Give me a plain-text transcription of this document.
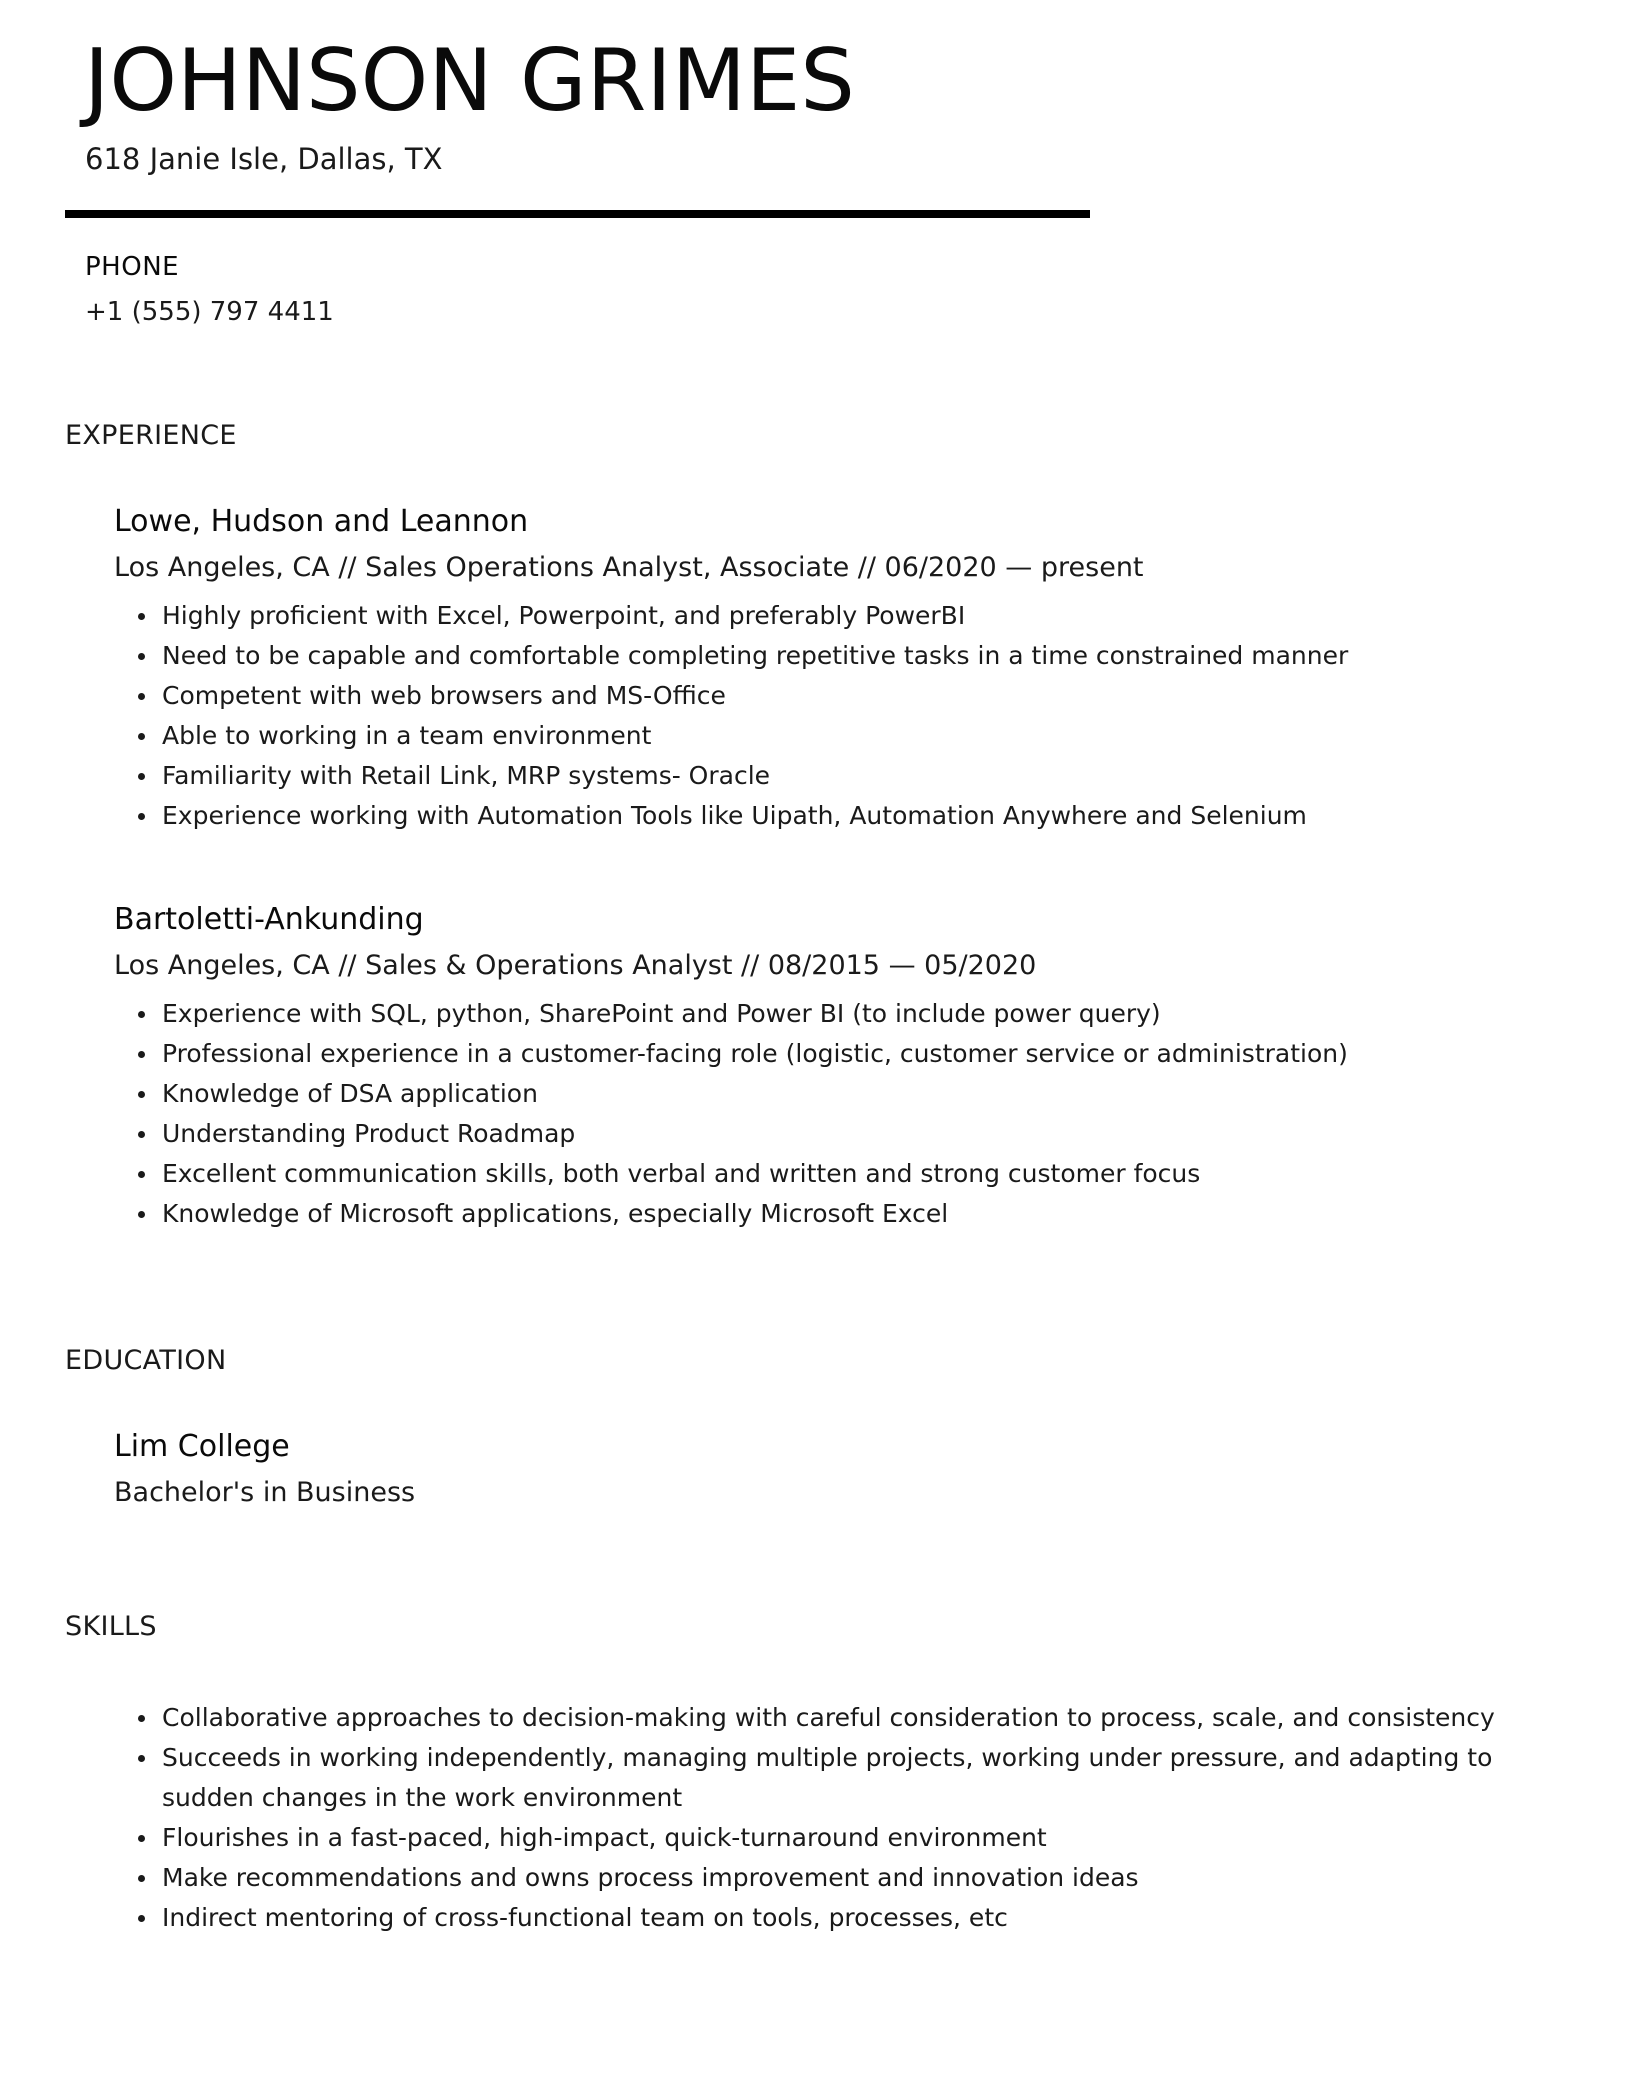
JOHNSON GRIMES
618 Janie Isle, Dallas, TX
PHONE
+1 (555) 797 4411
EXPERIENCE
Lowe, Hudson and Leannon
Los Angeles, CA // Sales Operations Analyst, Associate // 06/2020 — present
Highly proficient with Excel, Powerpoint, and preferably PowerBI
Need to be capable and comfortable completing repetitive tasks in a time constrained manner
Competent with web browsers and MS-Office
Able to working in a team environment
Familiarity with Retail Link, MRP systems- Oracle
Experience working with Automation Tools like Uipath, Automation Anywhere and Selenium
Bartoletti-Ankunding
Los Angeles, CA // Sales & Operations Analyst // 08/2015 — 05/2020
Experience with SQL, python, SharePoint and Power BI (to include power query)
Professional experience in a customer-facing role (logistic, customer service or administration)
Knowledge of DSA application
Understanding Product Roadmap
Excellent communication skills, both verbal and written and strong customer focus
Knowledge of Microsoft applications, especially Microsoft Excel
EDUCATION
Lim College
Bachelor's in Business
SKILLS
Collaborative approaches to decision-making with careful consideration to process, scale, and consistency
Succeeds in working independently, managing multiple projects, working under pressure, and adapting to sudden changes in the work environment
Flourishes in a fast-paced, high-impact, quick-turnaround environment
Make recommendations and owns process improvement and innovation ideas
Indirect mentoring of cross-functional team on tools, processes, etc
